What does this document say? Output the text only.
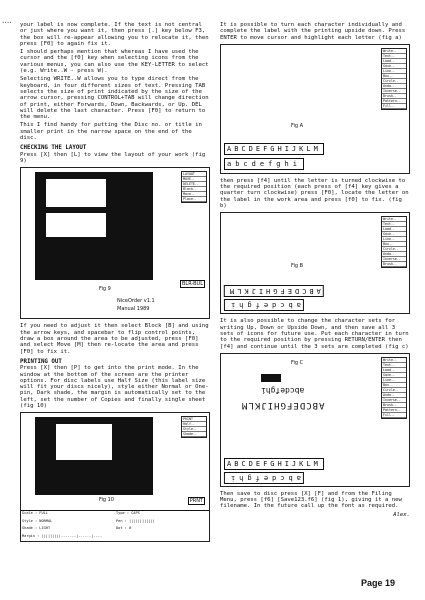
•••• your label is now complete. If the text is not central or just where you want it, then press [.] key below F3, the box will re-appear allowing you to relocate it, then press [F0] to again fix it.

I should perhaps mention that whereas I have used the cursor and the [f0] key when selecting icons from the various menus, you can also use the KEY-LETTER to select (e.g. Write..W - press W).

Selecting WRITE..W allows you to type direct from the keyboard, in four different sizes of text. Pressing TAB selects the size of print indicated by the size of the arrow cursor, pressing CONTROL+TAB will change direction of print, either Forwards, Down, Backwards, or Up. DEL will delete the last character. Press [F0] to return to the menu.

This I find handy for putting the Disc no. or title in smaller print in the narrow space on the end of the disc.

CHECKING THE LAYOUT

Press [X] then [L] to view the layout of your work (fig 9)

Fig 9
LAYOUT
MOVE..
DELETE..
Block..
Move..
Place..
NiceOrder v1.1
Manual 1989
BLR-BUL

If you need to adjust it then select Block [B] and using the arrow keys, and spacebar to flip control points, draw a box around the area to be adjusted, press [F0] and select Move [M] then re-locate the area and press [F0] to fix it.

PRINTING OUT

Press [X] then [P] to get into the print mode. In the window at the bottom of the screen are the printer options. For disc labels use Half Size (this label size will fit your discs nicely), style either Normal or One-pin, Dark shade, the margin is automatically set to the left, set the number of Copies and finally single sheet (fig 10)

Fig 10
PRINT
Half..
Style..
Shade..
Scale : FULL	Type : CAPS
Style : NORMAL	Pen : ||||||||||||
Shade : LIGHT	Dot : 0
Margin : |||||||||-------|------|----
PRNT

It is possible to turn each character individually and complete the label with the printing upside down. Press ENTER to move cursor and highlight each letter (fig a)

Fig A
Write..
Text..
Load..
Save..
Line..
Box..
Circle..
Undo..
Inverse..
Brush..
Pattern..
Fill..
ABCDEFGHIJKLM
abcdefghi

then press [f4] until the letter is turned clockwise to the required position (each press of [f4] key gives a quarter turn clockwise) press [F0], locate the letter on the label in the work area and press [f0] to fix. (fig b)

Fig B
Write..
Text..
Load..
Save..
Line..
Box..
Circle..
Undo..
Inverse..
Brush..
ABCDEFGHIJKLM
abcdefghi

It is also possible to change the character sets for writing Up, Down or Upside Down, and then save all 3 sets of icons for future use. Put each character in turn to the required position by pressing RETURN/ENTER then [f4] and continue until the 3 sets are completed (fig c)

Fig C
abcdefghi
ABCDEFGHIJKLM
Write..
Text..
Load..
Save..
Line..
Box..
Circle..
Undo..
Inverse..
Brush..
Pattern..
Fill..
ABCDEFGHIJKLM
abcdefghi

Then save to disc press [X] [F] and from the Filing Menu, press [f6] [Save123.f6] (fig 1), giving it a new filename. In the future call up the font as required.

Alex.
Page 19
